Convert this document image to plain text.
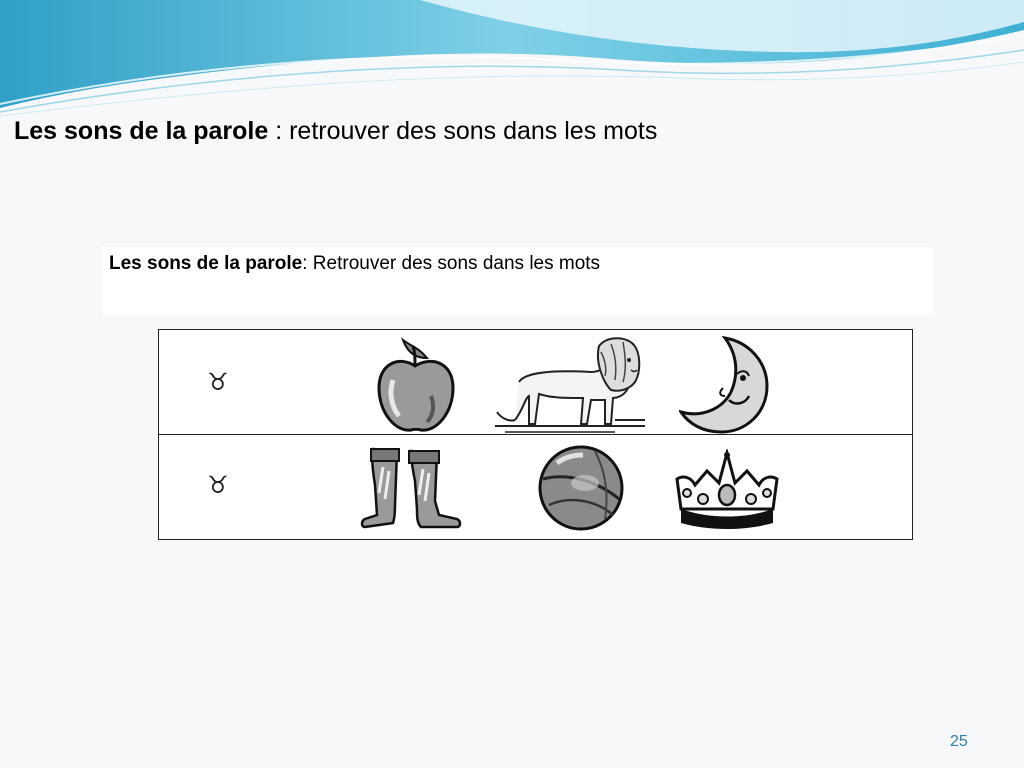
Les sons de la parole : retrouver des sons dans les mots
Les sons de la parole: Retrouver des sons dans les mots
♉

♉
25
